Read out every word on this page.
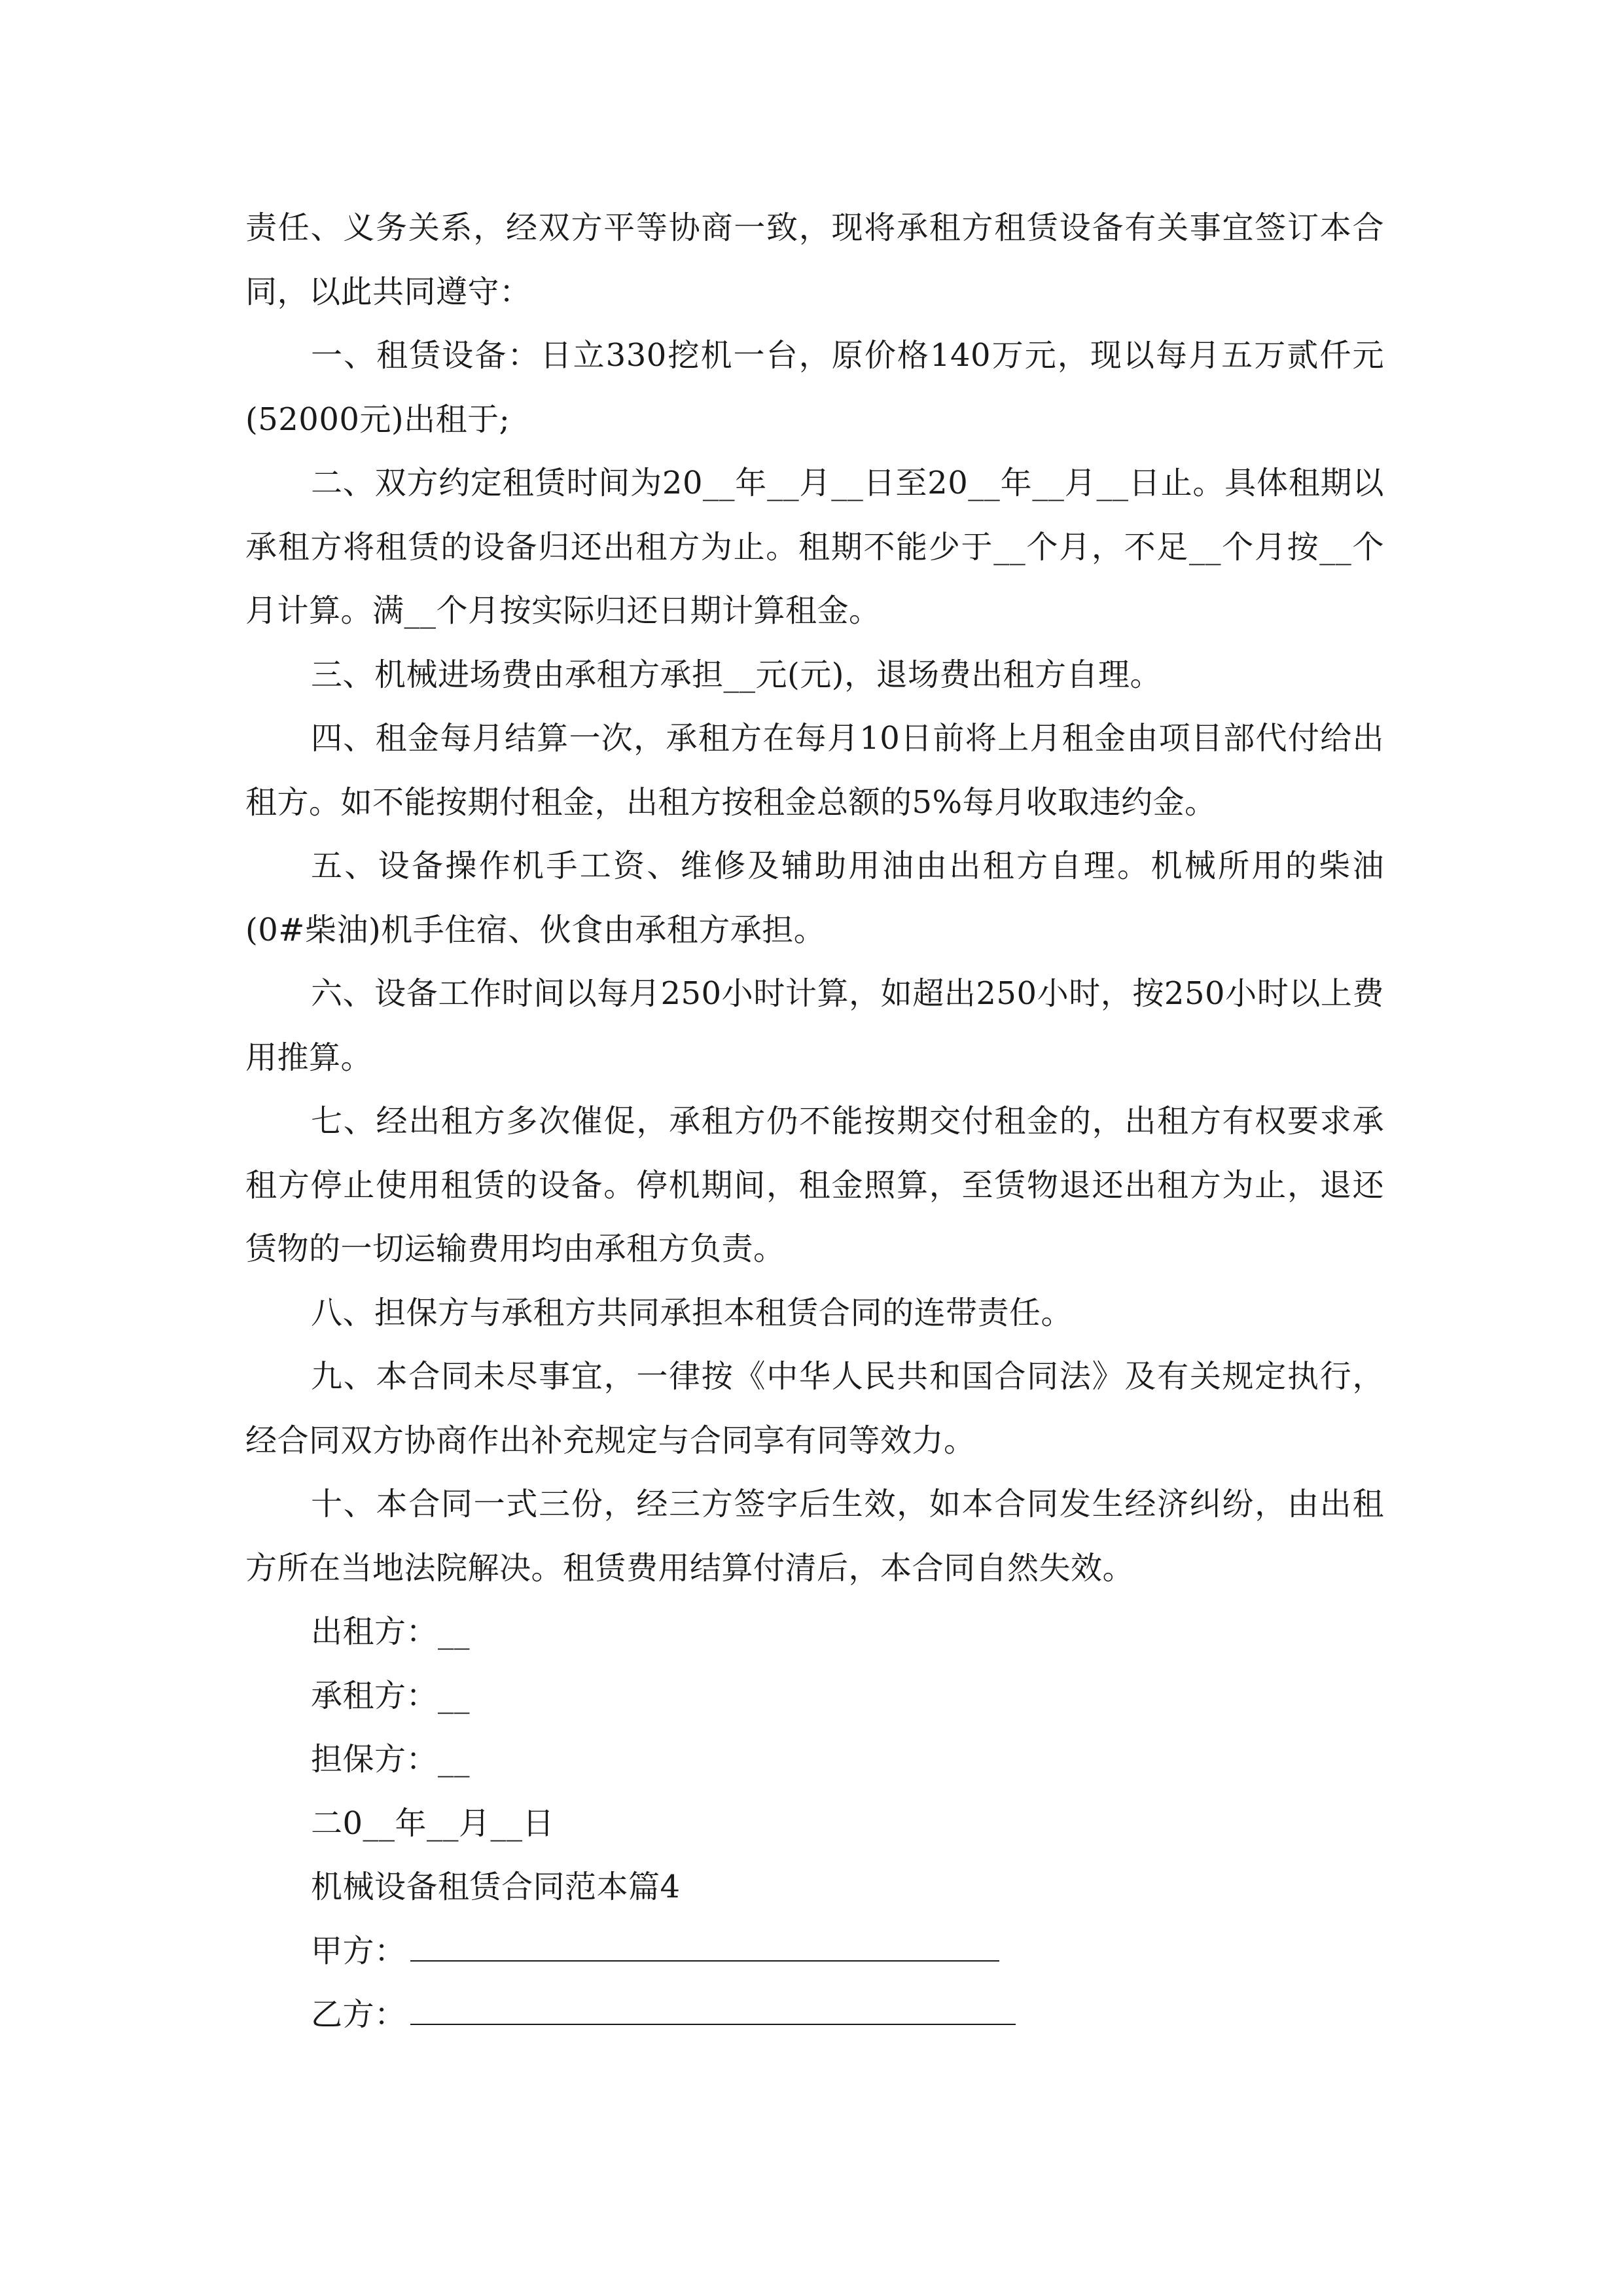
责任、义务关系，经双方平等协商一致，现将承租方租赁设备有关事宜签订本合同，以此共同遵守：

一、租赁设备：日立330挖机一台，原价格140万元，现以每月五万贰仟元(52000元)出租于;

二、双方约定租赁时间为20__年__月__日至20__年__月__日止。具体租期以承租方将租赁的设备归还出租方为止。租期不能少于__个月，不足__个月按__个月计算。满__个月按实际归还日期计算租金。

三、机械进场费由承租方承担__元(元)，退场费出租方自理。

四、租金每月结算一次，承租方在每月10日前将上月租金由项目部代付给出租方。如不能按期付租金，出租方按租金总额的5%每月收取违约金。

五、设备操作机手工资、维修及辅助用油由出租方自理。机械所用的柴油(0#柴油)机手住宿、伙食由承租方承担。

六、设备工作时间以每月250小时计算，如超出250小时，按250小时以上费用推算。

七、经出租方多次催促，承租方仍不能按期交付租金的，出租方有权要求承租方停止使用租赁的设备。停机期间，租金照算，至赁物退还出租方为止，退还赁物的一切运输费用均由承租方负责。

八、担保方与承租方共同承担本租赁合同的连带责任。

九、本合同未尽事宜，一律按《中华人民共和国合同法》及有关规定执行，经合同双方协商作出补充规定与合同享有同等效力。

十、本合同一式三份，经三方签字后生效，如本合同发生经济纠纷，由出租方所在当地法院解决。租赁费用结算付清后，本合同自然失效。

出租方：__

承租方：__

担保方：__

二0__年__月__日

机械设备租赁合同范本篇4

甲方：

乙方：
